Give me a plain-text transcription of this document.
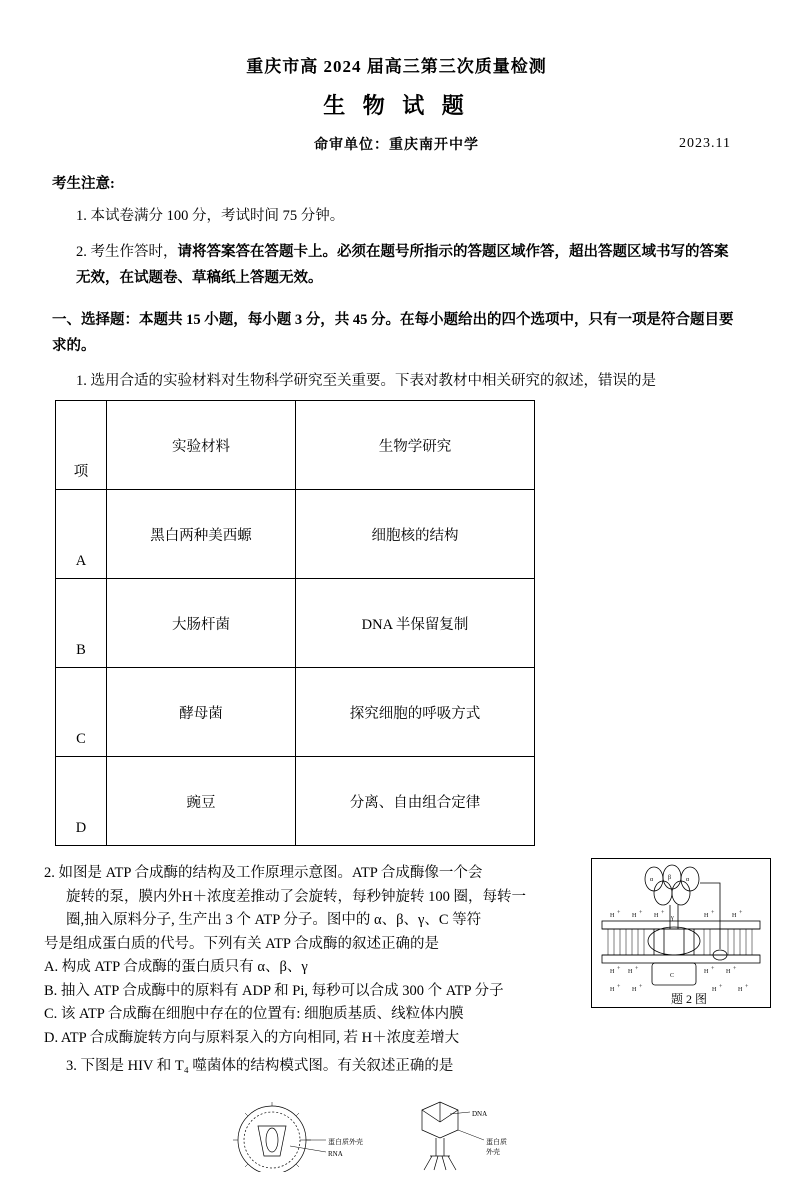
重庆市高 2024 届高三第三次质量检测
生 物 试 题
2023.11
命审单位：重庆南开中学
考生注意:
1. 本试卷满分 100 分，考试时间 75 分钟。
2. 考生作答时，请将答案答在答题卡上。必须在题号所指示的答题区域作答，超出答题区域书写的答案无效，在试题卷、草稿纸上答题无效。
一、选择题：本题共 15 小题，每小题 3 分，共 45 分。在每小题给出的四个选项中，只有一项是符合题目要求的。
1. 选用合适的实验材料对生物科学研究至关重要。下表对教材中相关研究的叙述，错误的是
项	实验材料	生物学研究
A	黑白两种美西螈	细胞核的结构
B	大肠杆菌	DNA 半保留复制
C	酵母菌	探究细胞的呼吸方式
D	豌豆	分离、自由组合定律
2. 如图是 ATP 合成酶的结构及工作原理示意图。ATP 合成酶像一个会
旋转的泵，膜内外H＋浓度差推动了会旋转，每秒钟旋转 100 圈，每转一
圈,抽入原料分子, 生产出 3 个 ATP 分子。图中的 α、β、γ、C 等符
号是组成蛋白质的代号。下列有关 ATP 合成酶的叙述正确的是
A. 构成 ATP 合成酶的蛋白质只有 α、β、γ
B. 抽入 ATP 合成酶中的原料有 ADP 和 Pi, 每秒可以合成 300 个 ATP 分子
C. 该 ATP 合成酶在细胞中存在的位置有: 细胞质基质、线粒体内膜
D. ATP 合成酶旋转方向与原料泵入的方向相同, 若 H＋浓度差增大
H + H + H +	H +	H +
H + H +	H + H +
H + H +	H +	H +
α β α
γ
C
题 2 图
3. 下图是 HIV 和 T₄ 噬菌体的结构模式图。有关叙述正确的是
蛋白质外壳
RNA
DNA
蛋白质
外壳
